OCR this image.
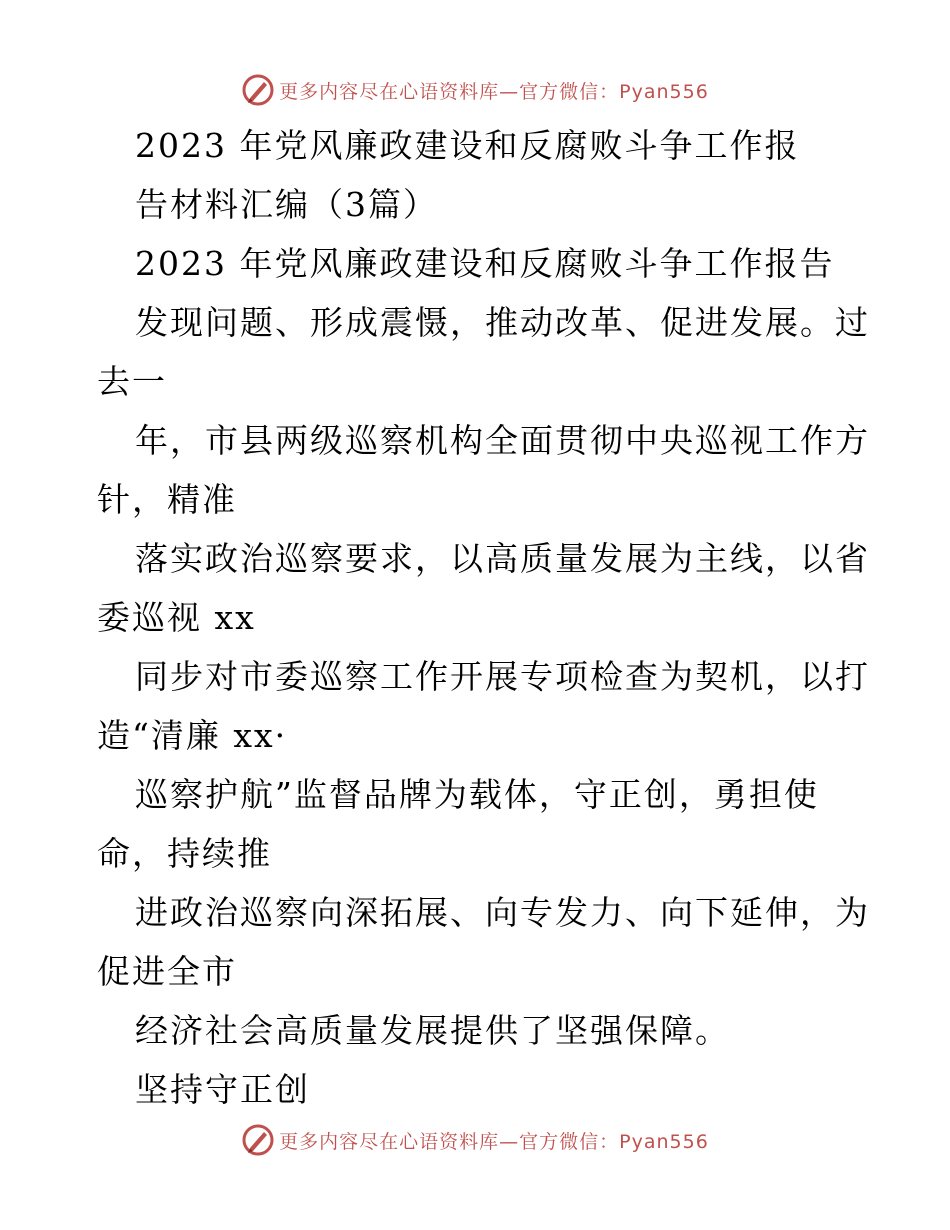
更多内容尽在心语资料库—官方微信：Pyan556
2023 年党风廉政建设和反腐败斗争工作报
告材料汇编（3篇）
2023 年党风廉政建设和反腐败斗争工作报告
发现问题、形成震慑，推动改革、促进发展。过
去一
年，市县两级巡察机构全面贯彻中央巡视工作方
针，精准
落实政治巡察要求，以高质量发展为主线，以省
委巡视 xx
同步对市委巡察工作开展专项检查为契机，以打
造“清廉 xx·
巡察护航”监督品牌为载体，守正创，勇担使
命，持续推
进政治巡察向深拓展、向专发力、向下延伸，为
促进全市
经济社会高质量发展提供了坚强保障。
坚持守正创
更多内容尽在心语资料库—官方微信：Pyan556
